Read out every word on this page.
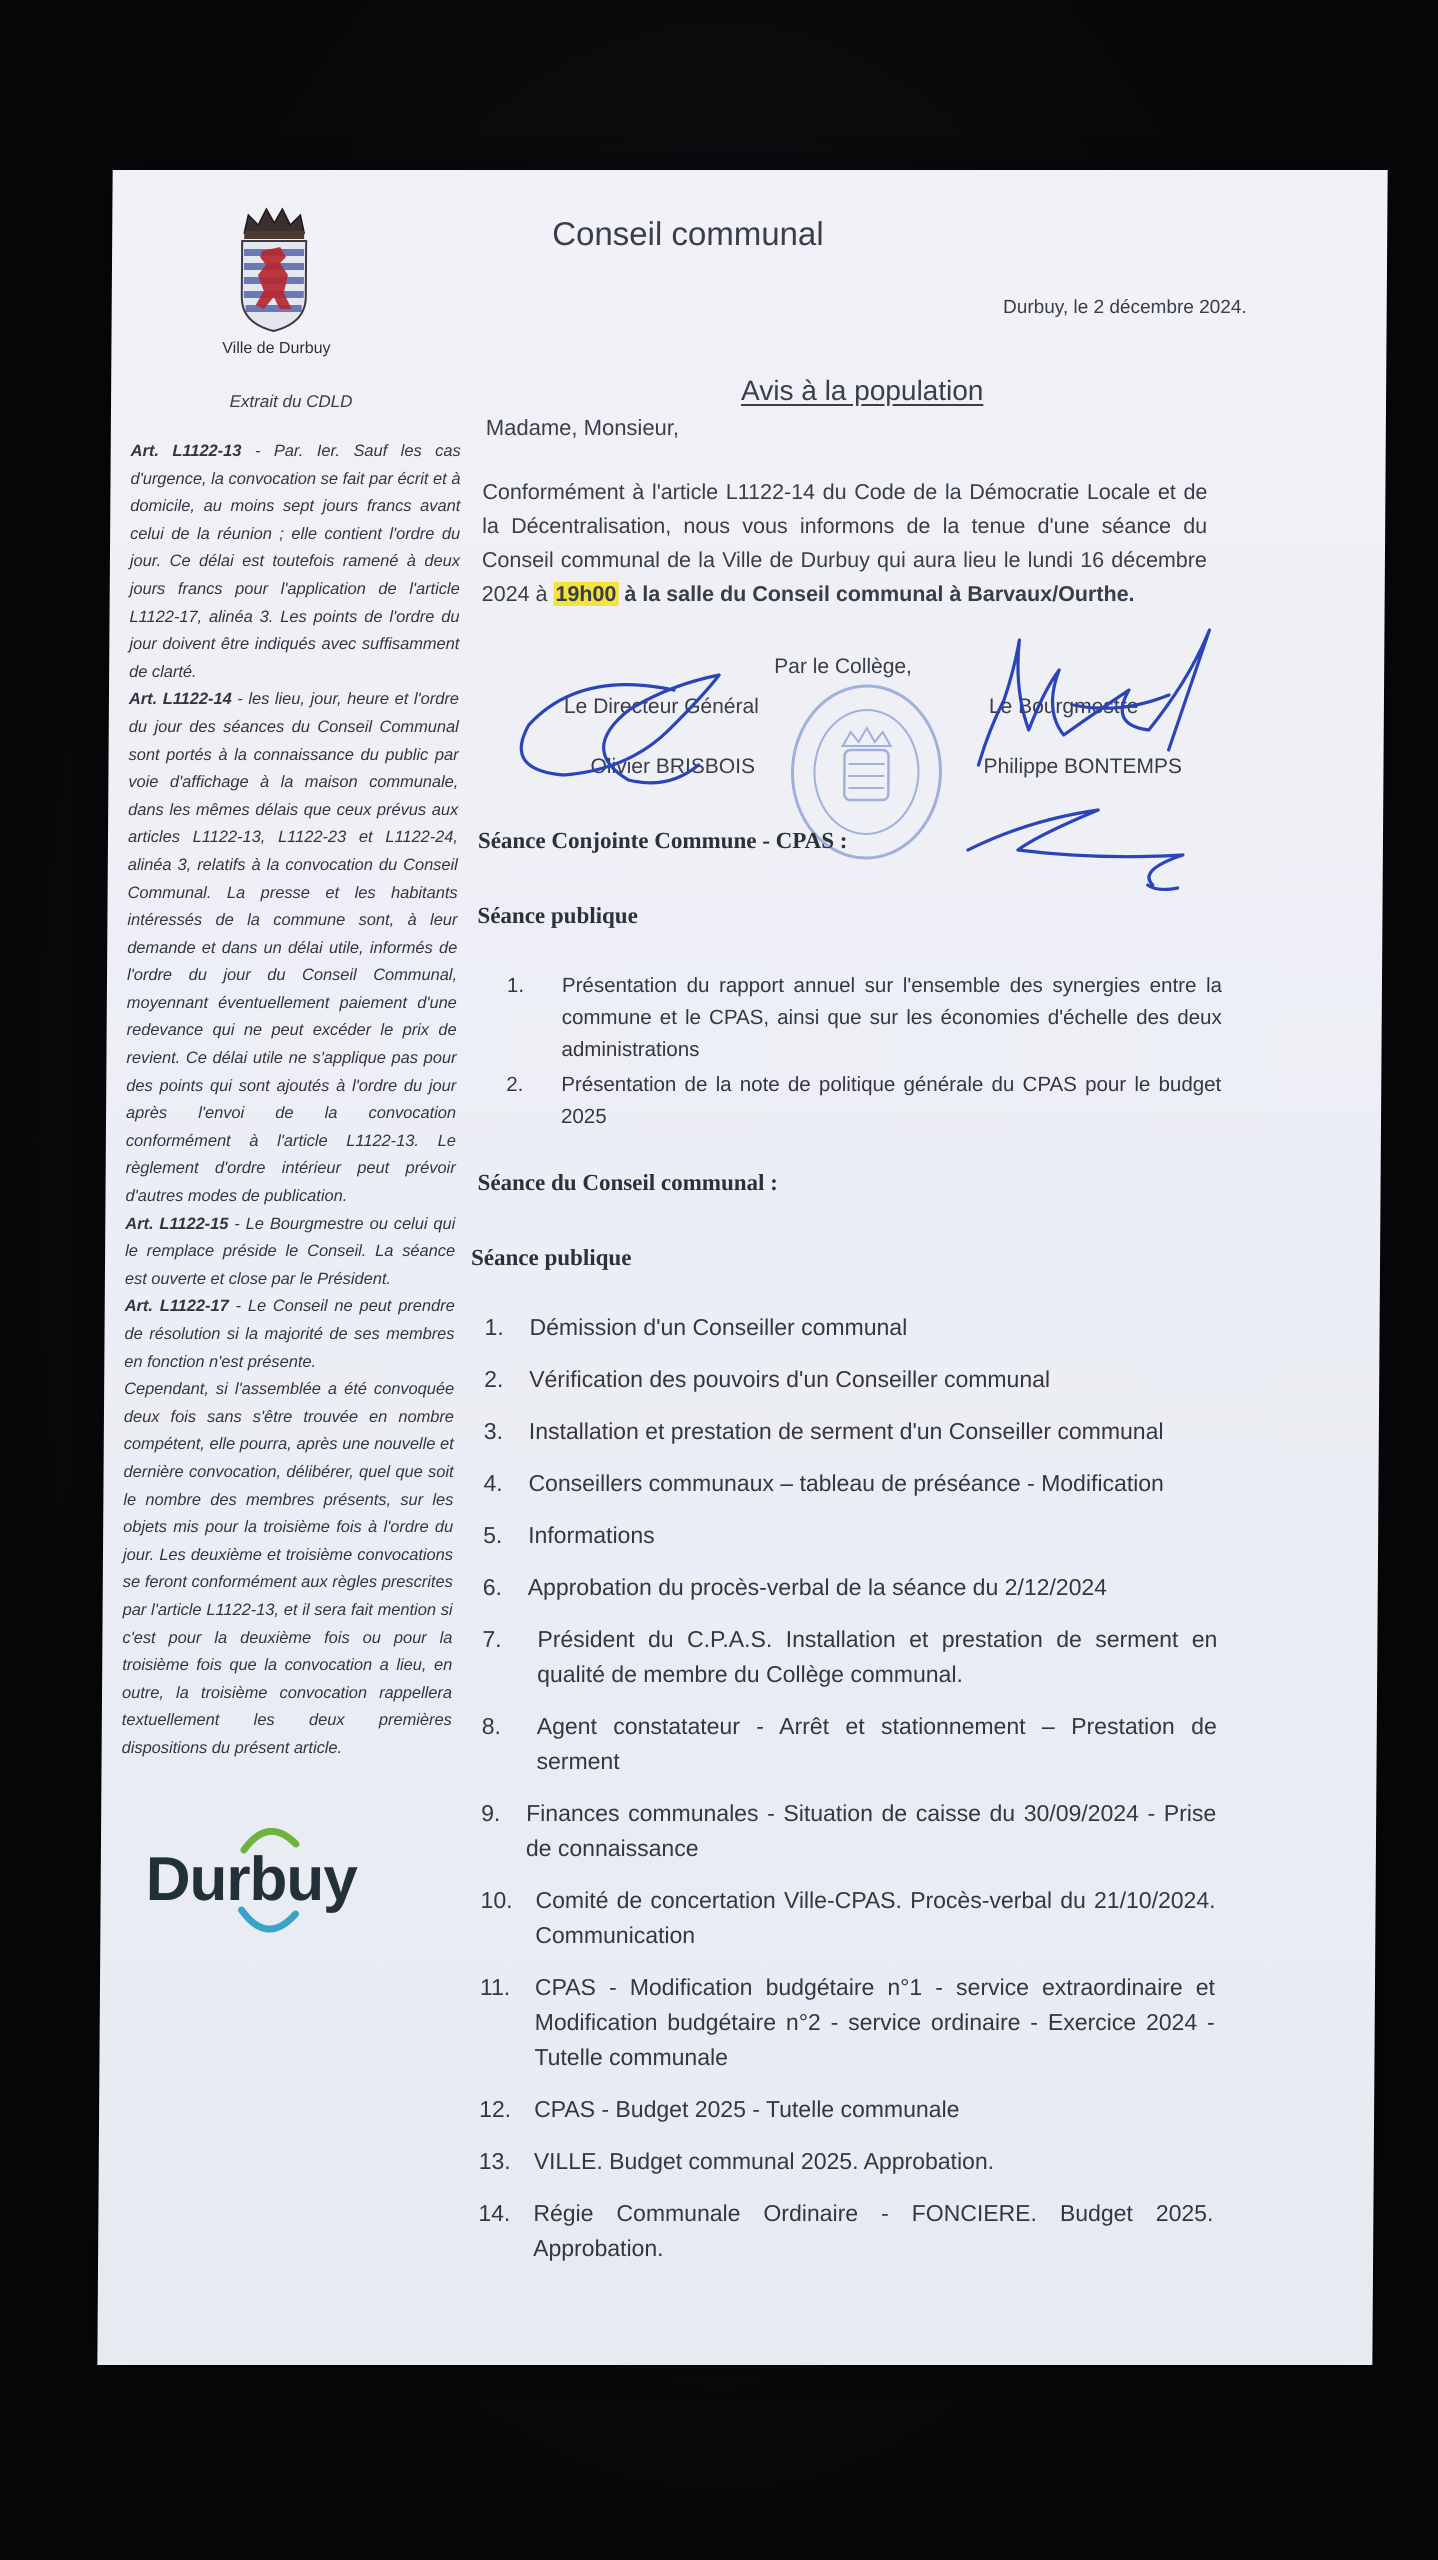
Ville de Durbuy
Extrait du CDLD

Art. L1122-13 - Par. Ier. Sauf les cas d'urgence, la convocation se fait par écrit et à domicile, au moins sept jours francs avant celui de la réunion ; elle contient l'ordre du jour. Ce délai est toutefois ramené à deux jours francs pour l'application de l'article L1122-17, alinéa 3. Les points de l'ordre du jour doivent être indiqués avec suffisamment de clarté.

Art. L1122-14 - les lieu, jour, heure et l'ordre du jour des séances du Conseil Communal sont portés à la connaissance du public par voie d'affichage à la maison communale, dans les mêmes délais que ceux prévus aux articles L1122-13, L1122-23 et L1122-24, alinéa 3, relatifs à la convocation du Conseil Communal. La presse et les habitants intéressés de la commune sont, à leur demande et dans un délai utile, informés de l'ordre du jour du Conseil Communal, moyennant éventuellement paiement d'une redevance qui ne peut excéder le prix de revient. Ce délai utile ne s'applique pas pour des points qui sont ajoutés à l'ordre du jour après l'envoi de la convocation conformément à l'article L1122-13. Le règlement d'ordre intérieur peut prévoir d'autres modes de publication.

Art. L1122-15 - Le Bourgmestre ou celui qui le remplace préside le Conseil. La séance est ouverte et close par le Président.

Art. L1122-17 - Le Conseil ne peut prendre de résolution si la majorité de ses membres en fonction n'est présente.

Cependant, si l'assemblée a été convoquée deux fois sans s'être trouvée en nombre compétent, elle pourra, après une nouvelle et dernière convocation, délibérer, quel que soit le nombre des membres présents, sur les objets mis pour la troisième fois à l'ordre du jour. Les deuxième et troisième convocations se feront conformément aux règles prescrites par l'article L1122-13, et il sera fait mention si c'est pour la deuxième fois ou pour la troisième fois que la convocation a lieu, en outre, la troisième convocation rappellera textuellement les deux premières dispositions du présent article.

Durbuy
Conseil communal
Durbuy, le 2 décembre 2024.
Avis à la population
Madame, Monsieur,
Conformément à l'article L1122-14 du Code de la Démocratie Locale et de la Décentralisation, nous vous informons de la tenue d'une séance du Conseil communal de la Ville de Durbuy qui aura lieu le lundi 16 décembre 2024 à 19h00 à la salle du Conseil communal à Barvaux/Ourthe.
Par le Collège,
Le Directeur Général
Olivier BRISBOIS
Le Bourgmestre
Philippe BONTEMPS
Séance Conjointe Commune - CPAS :
Séance publique
1. Présentation du rapport annuel sur l'ensemble des synergies entre la commune et le CPAS, ainsi que sur les économies d'échelle des deux administrations
2. Présentation de la note de politique générale du CPAS pour le budget 2025
Séance du Conseil communal :
Séance publique
1. Démission d'un Conseiller communal
2. Vérification des pouvoirs d'un Conseiller communal
3. Installation et prestation de serment d'un Conseiller communal
4. Conseillers communaux – tableau de préséance - Modification
5. Informations
6. Approbation du procès-verbal de la séance du 2/12/2024
7. Président du C.P.A.S. Installation et prestation de serment en qualité de membre du Collège communal.
8. Agent constatateur - Arrêt et stationnement – Prestation de serment
9. Finances communales - Situation de caisse du 30/09/2024 - Prise de connaissance
10. Comité de concertation Ville-CPAS. Procès-verbal du 21/10/2024. Communication
11. CPAS - Modification budgétaire n°1 - service extraordinaire et Modification budgétaire n°2 - service ordinaire - Exercice 2024 - Tutelle communale
12. CPAS - Budget 2025 - Tutelle communale
13. VILLE. Budget communal 2025. Approbation.
14. Régie Communale Ordinaire - FONCIERE. Budget 2025. Approbation.
